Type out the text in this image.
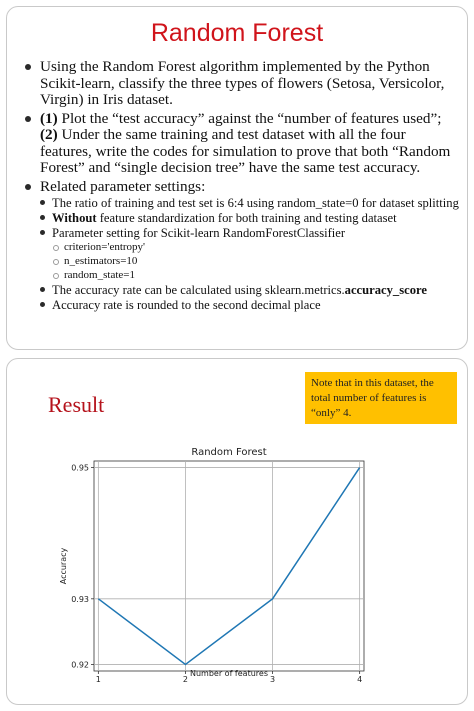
Random Forest
Using the Random Forest algorithm implemented by the Python Scikit-learn, classify the three types of flowers (Setosa, Versicolor, Virgin) in Iris dataset.
(1) Plot the “test accuracy” against the “number of features used”; (2) Under the same training and test dataset with all the four features, write the codes for simulation to prove that both “Random Forest” and “single decision tree” have the same test accuracy.
Related parameter settings:
The ratio of training and test set is 6:4 using random_state=0 for dataset splitting
Without feature standardization for both training and testing dataset
Parameter setting for Scikit-learn RandomForestClassifier
criterion='entropy'
n_estimators=10
random_state=1
The accuracy rate can be calculated using sklearn.metrics.accuracy_score
Accuracy rate is rounded to the second decimal place
Result
Note that in this dataset, the total number of features is “only” 4.
Random Forest
1	2	3	4
0.92
0.93
0.95
Number of features
Accuracy
